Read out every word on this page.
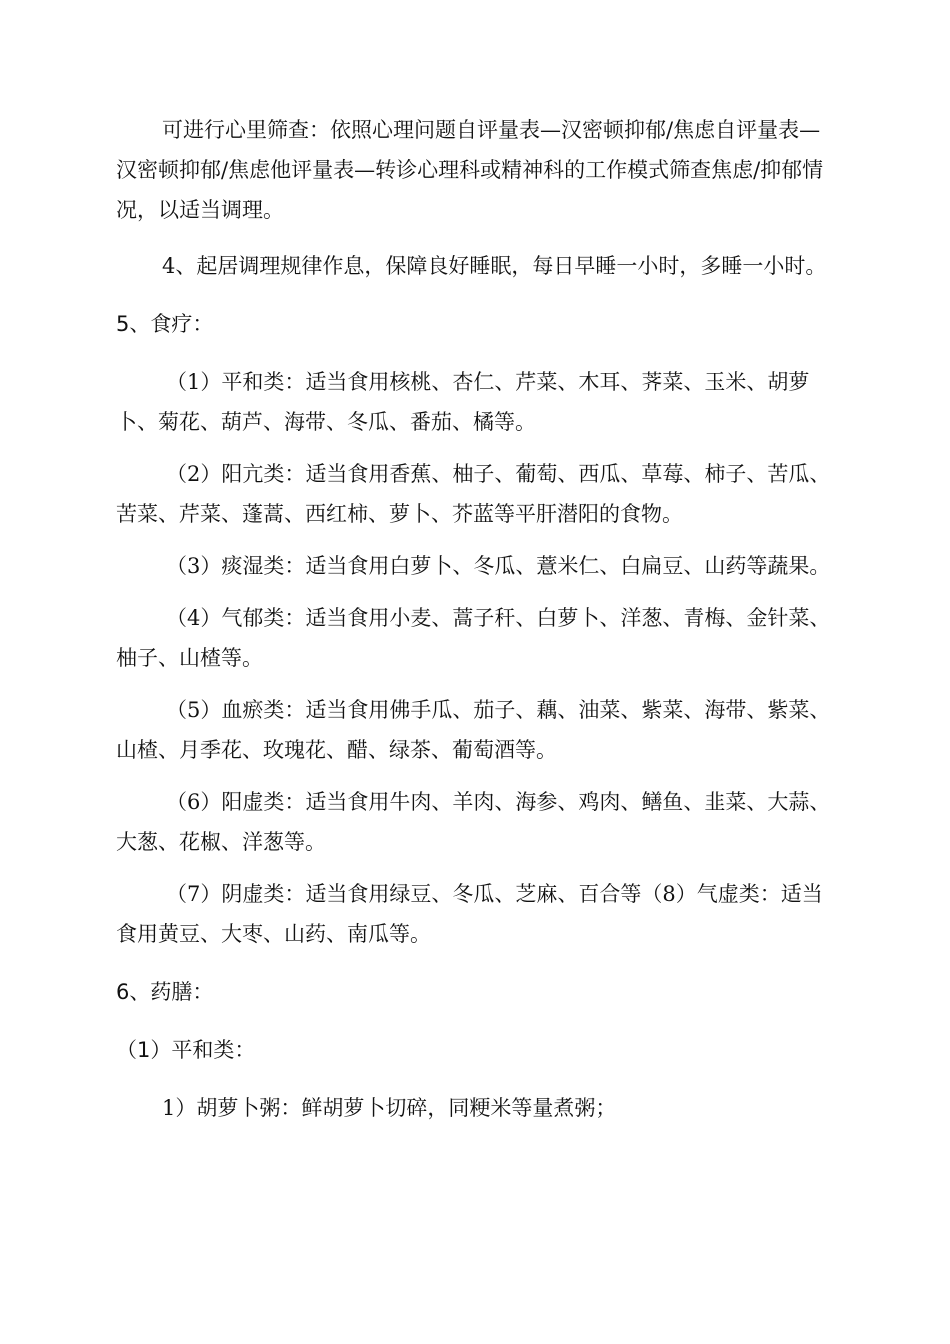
可进行心里筛查：依照心理问题自评量表—汉密顿抑郁/焦虑自评量表—汉密顿抑郁/焦虑他评量表—转诊心理科或精神科的工作模式筛查焦虑/抑郁情况，以适当调理。

4、起居调理规律作息，保障良好睡眠，每日早睡一小时，多睡一小时。

5、食疗：

（1）平和类：适当食用核桃、杏仁、芹菜、木耳、荠菜、玉米、胡萝卜、菊花、葫芦、海带、冬瓜、番茄、橘等。

（2）阳亢类：适当食用香蕉、柚子、葡萄、西瓜、草莓、柿子、苦瓜、苦菜、芹菜、蓬蒿、西红柿、萝卜、芥蓝等平肝潜阳的食物。

（3）痰湿类：适当食用白萝卜、冬瓜、薏米仁、白扁豆、山药等蔬果。

（4）气郁类：适当食用小麦、蒿子秆、白萝卜、洋葱、青梅、金针菜、柚子、山楂等。

（5）血瘀类：适当食用佛手瓜、茄子、藕、油菜、紫菜、海带、紫菜、山楂、月季花、玫瑰花、醋、绿茶、葡萄酒等。

（6）阳虚类：适当食用牛肉、羊肉、海参、鸡肉、鳝鱼、韭菜、大蒜、大葱、花椒、洋葱等。

（7）阴虚类：适当食用绿豆、冬瓜、芝麻、百合等（8）气虚类：适当食用黄豆、大枣、山药、南瓜等。

6、药膳：

（1）平和类：

1）胡萝卜粥：鲜胡萝卜切碎，同粳米等量煮粥；
